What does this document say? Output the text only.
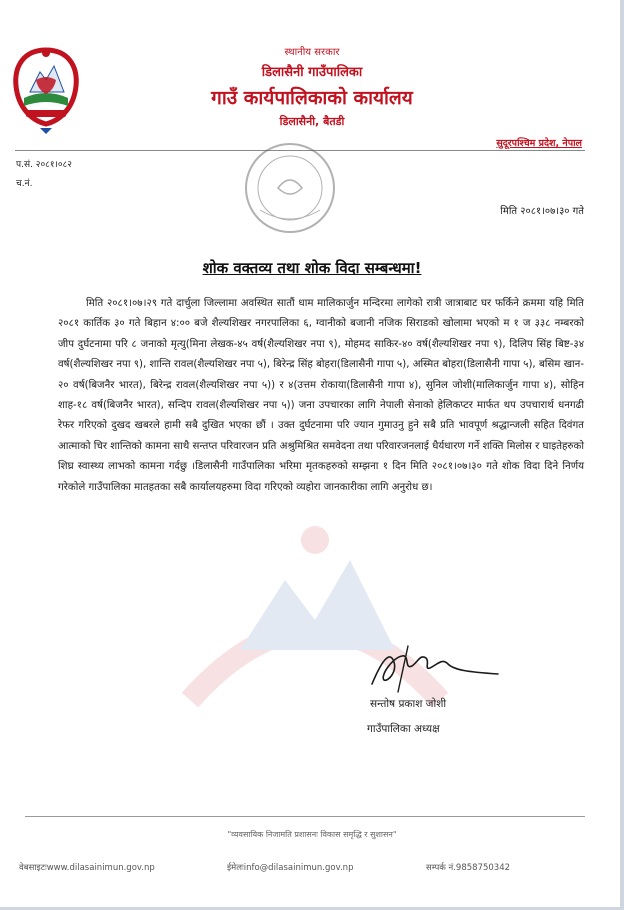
स्थानीय सरकार
डिलासैनी गाउँपालिका
गाउँ कार्यपालिकाको कार्यालय
डिलासैनी, बैतडी
सुदूरपश्चिम प्रदेश, नेपाल
प.सं. २०८१।०८२
च.नं.
मिति २०८१।०७।३० गते
शोक वक्तव्य तथा शोक विदा सम्बन्धमा!

मिति २०८१।०७।२९ गते दार्चुला जिल्लामा अवस्थित सातौं धाम मालिकार्जुन मन्दिरमा लागेको रात्री जात्राबाट घर फर्किने क्रममा यहि मिति २०८१ कार्तिक ३० गते बिहान ४:०० बजे शैल्यशिखर नगरपालिका ६, ग्वानीको बजानी नजिक सिराडको खोलामा भएको म १ ज ३३८ नम्बरको जीप दुर्घटनामा परि ८ जनाको मृत्यु(मिना लेखक-४५ वर्ष(शैल्यशिखर नपा ९), मोहमद साकिर-४० वर्ष(शैल्यशिखर नपा ९), दिलिप सिंह बिष्ट-३४ वर्ष(शैल्यशिखर नपा ९), शान्ति रावल(शैल्यशिखर नपा ५), बिरेन्द्र सिंह बोहरा(डिलासैनी गापा ५), अस्मित बोहरा(डिलासैनी गापा ५), बसिम खान- २० वर्ष(बिजनैर भारत), बिरेन्द्र रावल(शैल्यशिखर नपा ५)) र ४(उत्तम रोकाया(डिलासैनी गापा ४), सुनिल जोशी(मालिकार्जुन गापा ४), सोहिन शाह-१८ वर्ष(बिजनैर भारत), सन्दिप रावल(शैल्यशिखर नपा ५)) जना उपचारका लागि नेपाली सेनाको हेलिकप्टर मार्फत थप उपचारार्थ धनगढी रेफर गरिएको दुखद खबरले हामी सबै दुखित भएका छौं । उक्त दुर्घटनामा परि ज्यान गुमाउनु हुने सबै प्रति भावपूर्ण श्रद्धान्जली सहित दिवंगत आत्माको चिर शान्तिको कामना साथै सन्तप्त परिवारजन प्रति अश्रुमिश्रित समवेदना तथा परिवारजनलाई धैर्यधारण गर्ने शक्ति मिलोस र घाइतेहरुको शिघ्र स्वास्थ्य लाभको कामना गर्दछु ।डिलासैनी गाउँपालिका भरिमा मृतकहरुको सम्झना १ दिन मिति २०८१।०७।३० गते शोक विदा दिने निर्णय गरेकोले गाउँपालिका मातहतका सबै कार्यालयहरुमा विदा गरिएको व्यहोरा जानकारीका लागि अनुरोध छ।

सन्तोष प्रकाश जोशी
गाउँपालिका अध्यक्ष
"व्यवसायिक निजामति प्रशासनः विकास समृद्धि र सुशासन"
वेबसाइटःwww.dilasainimun.gov.np	ईमेलःinfo@dilasainimun.gov.np	सम्पर्क नं.9858750342
